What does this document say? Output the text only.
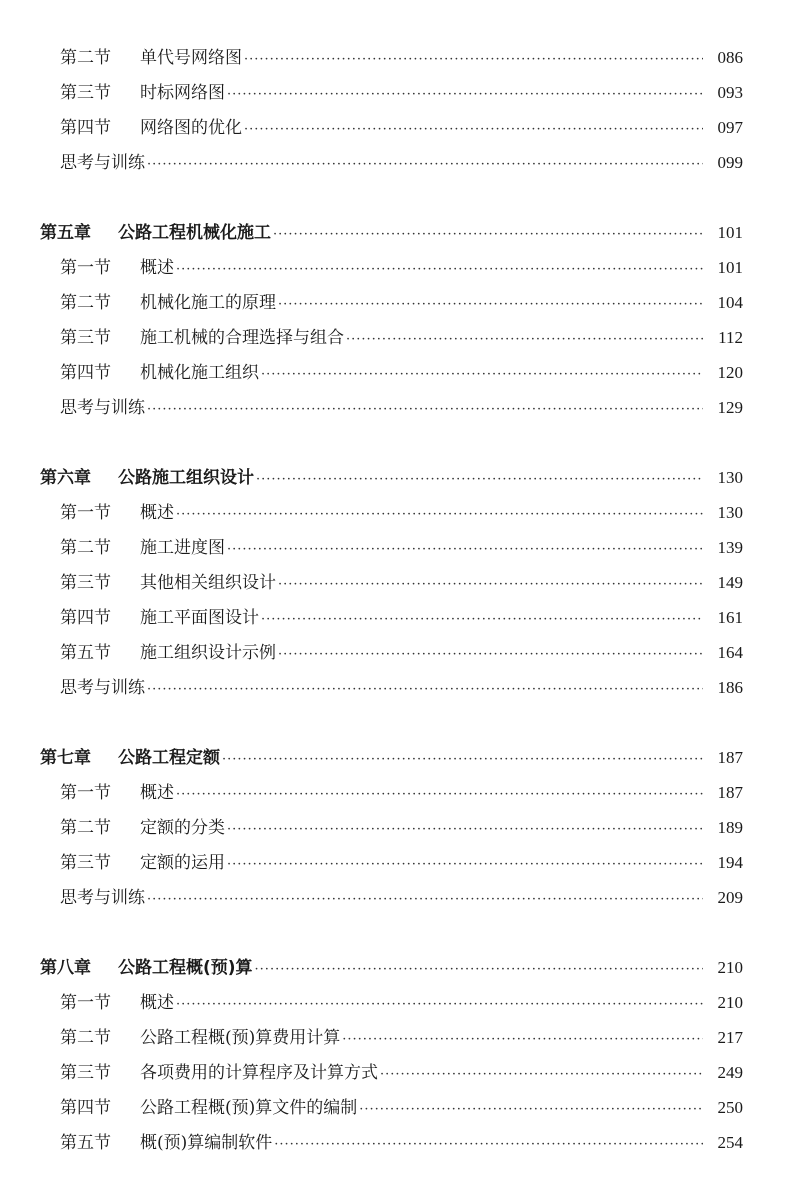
第二节	单代号网络图 ·····	086
第三节	时标网络图 ·····	093
第四节	网络图的优化 ·····	097
思考与训练 ·····	099
第五章	公路工程机械化施工 ·····	101
第一节	概述 ·····	101
第二节	机械化施工的原理 ·····	104
第三节	施工机械的合理选择与组合 ·····	112
第四节	机械化施工组织 ·····	120
思考与训练 ·····	129
第六章	公路施工组织设计 ·····	130
第一节	概述 ·····	130
第二节	施工进度图 ·····	139
第三节	其他相关组织设计 ·····	149
第四节	施工平面图设计 ·····	161
第五节	施工组织设计示例 ·····	164
思考与训练 ·····	186
第七章	公路工程定额 ·····	187
第一节	概述 ·····	187
第二节	定额的分类 ·····	189
第三节	定额的运用 ·····	194
思考与训练 ·····	209
第八章	公路工程概(预)算 ·····	210
第一节	概述 ·····	210
第二节	公路工程概(预)算费用计算 ·····	217
第三节	各项费用的计算程序及计算方式 ·····	249
第四节	公路工程概(预)算文件的编制 ·····	250
第五节	概(预)算编制软件 ·····	254
